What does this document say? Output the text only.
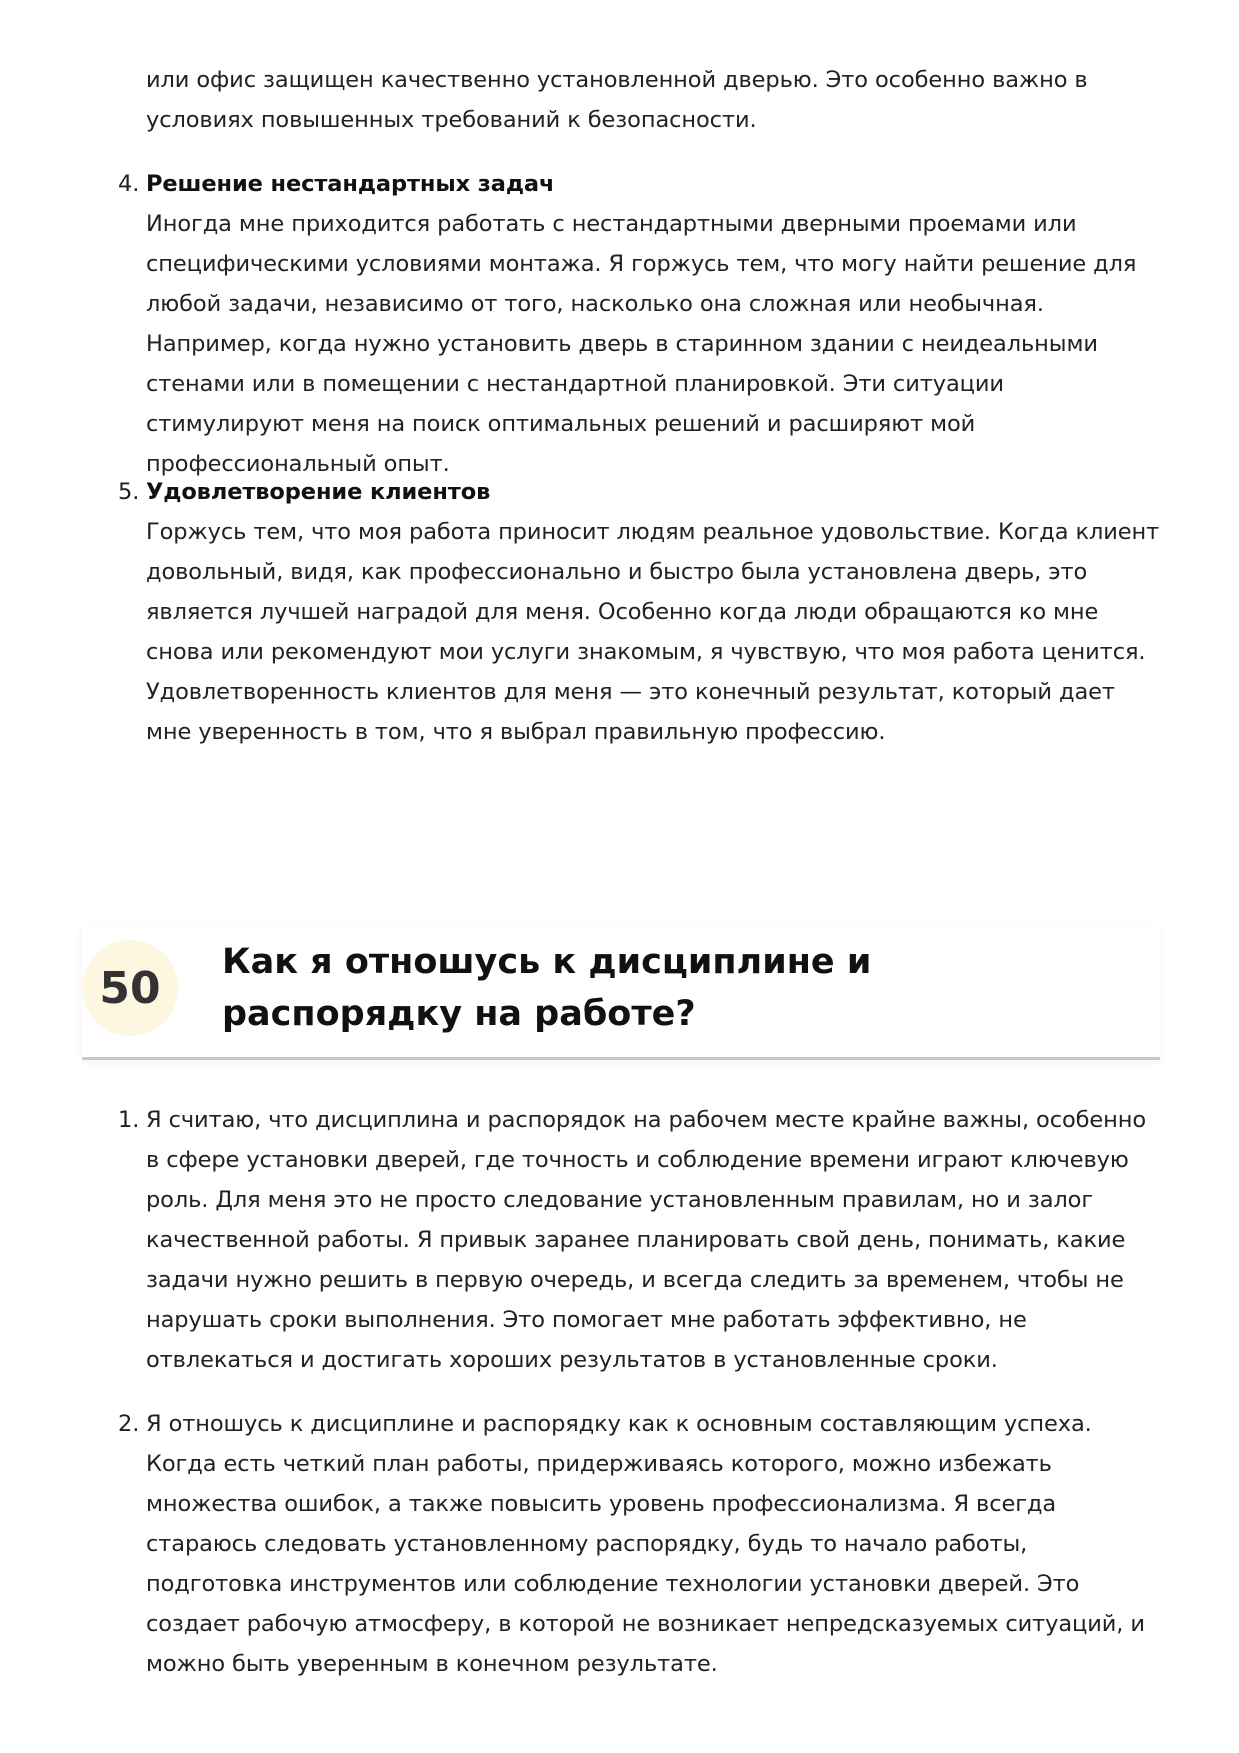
или офис защищен качественно установленной дверью. Это особенно важно в условиях повышенных требований к безопасности.
4. Решение нестандартных задач
Иногда мне приходится работать с нестандартными дверными проемами или специфическими условиями монтажа. Я горжусь тем, что могу найти решение для любой задачи, независимо от того, насколько она сложная или необычная. Например, когда нужно установить дверь в старинном здании с неидеальными стенами или в помещении с нестандартной планировкой. Эти ситуации стимулируют меня на поиск оптимальных решений и расширяют мой профессиональный опыт.
5. Удовлетворение клиентов
Горжусь тем, что моя работа приносит людям реальное удовольствие. Когда клиент довольный, видя, как профессионально и быстро была установлена дверь, это является лучшей наградой для меня. Особенно когда люди обращаются ко мне снова или рекомендуют мои услуги знакомым, я чувствую, что моя работа ценится. Удовлетворенность клиентов для меня — это конечный результат, который дает мне уверенность в том, что я выбрал правильную профессию.
50
Как я отношусь к дисциплине и распорядку на работе?
1. Я считаю, что дисциплина и распорядок на рабочем месте крайне важны, особенно в сфере установки дверей, где точность и соблюдение времени играют ключевую роль. Для меня это не просто следование установленным правилам, но и залог качественной работы. Я привык заранее планировать свой день, понимать, какие задачи нужно решить в первую очередь, и всегда следить за временем, чтобы не нарушать сроки выполнения. Это помогает мне работать эффективно, не отвлекаться и достигать хороших результатов в установленные сроки.
2. Я отношусь к дисциплине и распорядку как к основным составляющим успеха. Когда есть четкий план работы, придерживаясь которого, можно избежать множества ошибок, а также повысить уровень профессионализма. Я всегда стараюсь следовать установленному распорядку, будь то начало работы, подготовка инструментов или соблюдение технологии установки дверей. Это создает рабочую атмосферу, в которой не возникает непредсказуемых ситуаций, и можно быть уверенным в конечном результате.
